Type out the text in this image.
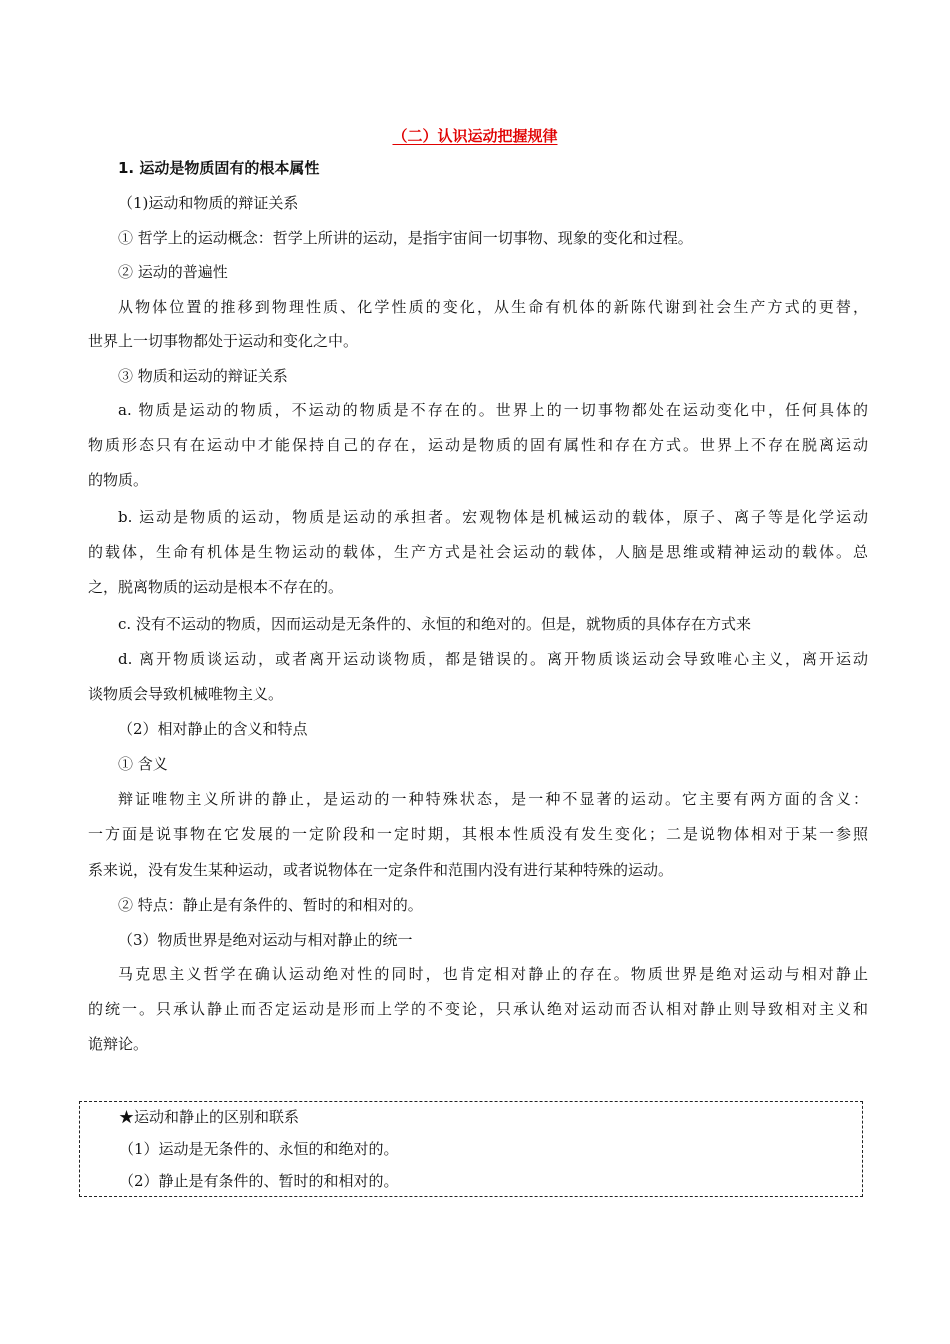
（二）认识运动把握规律
1. 运动是物质固有的根本属性
（1)运动和物质的辩证关系
① 哲学上的运动概念：哲学上所讲的运动，是指宇宙间一切事物、现象的变化和过程。
② 运动的普遍性
从物体位置的推移到物理性质、化学性质的变化，从生命有机体的新陈代谢到社会生产方式的更替，
世界上一切事物都处于运动和变化之中。
③ 物质和运动的辩证关系
a. 物质是运动的物质，不运动的物质是不存在的。世界上的一切事物都处在运动变化中，任何具体的
物质形态只有在运动中才能保持自己的存在，运动是物质的固有属性和存在方式。世界上不存在脱离运动
的物质。
b. 运动是物质的运动，物质是运动的承担者。宏观物体是机械运动的载体，原子、离子等是化学运动
的载体，生命有机体是生物运动的载体，生产方式是社会运动的载体，人脑是思维或精神运动的载体。总
之，脱离物质的运动是根本不存在的。
c. 没有不运动的物质，因而运动是无条件的、永恒的和绝对的。但是，就物质的具体存在方式来
d. 离开物质谈运动，或者离开运动谈物质，都是错误的。离开物质谈运动会导致唯心主义，离开运动
谈物质会导致机械唯物主义。
（2）相对静止的含义和特点
① 含义
辩证唯物主义所讲的静止，是运动的一种特殊状态，是一种不显著的运动。它主要有两方面的含义：
一方面是说事物在它发展的一定阶段和一定时期，其根本性质没有发生变化；二是说物体相对于某一参照
系来说，没有发生某种运动，或者说物体在一定条件和范围内没有进行某种特殊的运动。
② 特点：静止是有条件的、暂时的和相对的。
（3）物质世界是绝对运动与相对静止的统一
马克思主义哲学在确认运动绝对性的同时，也肯定相对静止的存在。物质世界是绝对运动与相对静止
的统一。只承认静止而否定运动是形而上学的不变论，只承认绝对运动而否认相对静止则导致相对主义和
诡辩论。
★运动和静止的区别和联系
（1）运动是无条件的、永恒的和绝对的。
（2）静止是有条件的、暂时的和相对的。
